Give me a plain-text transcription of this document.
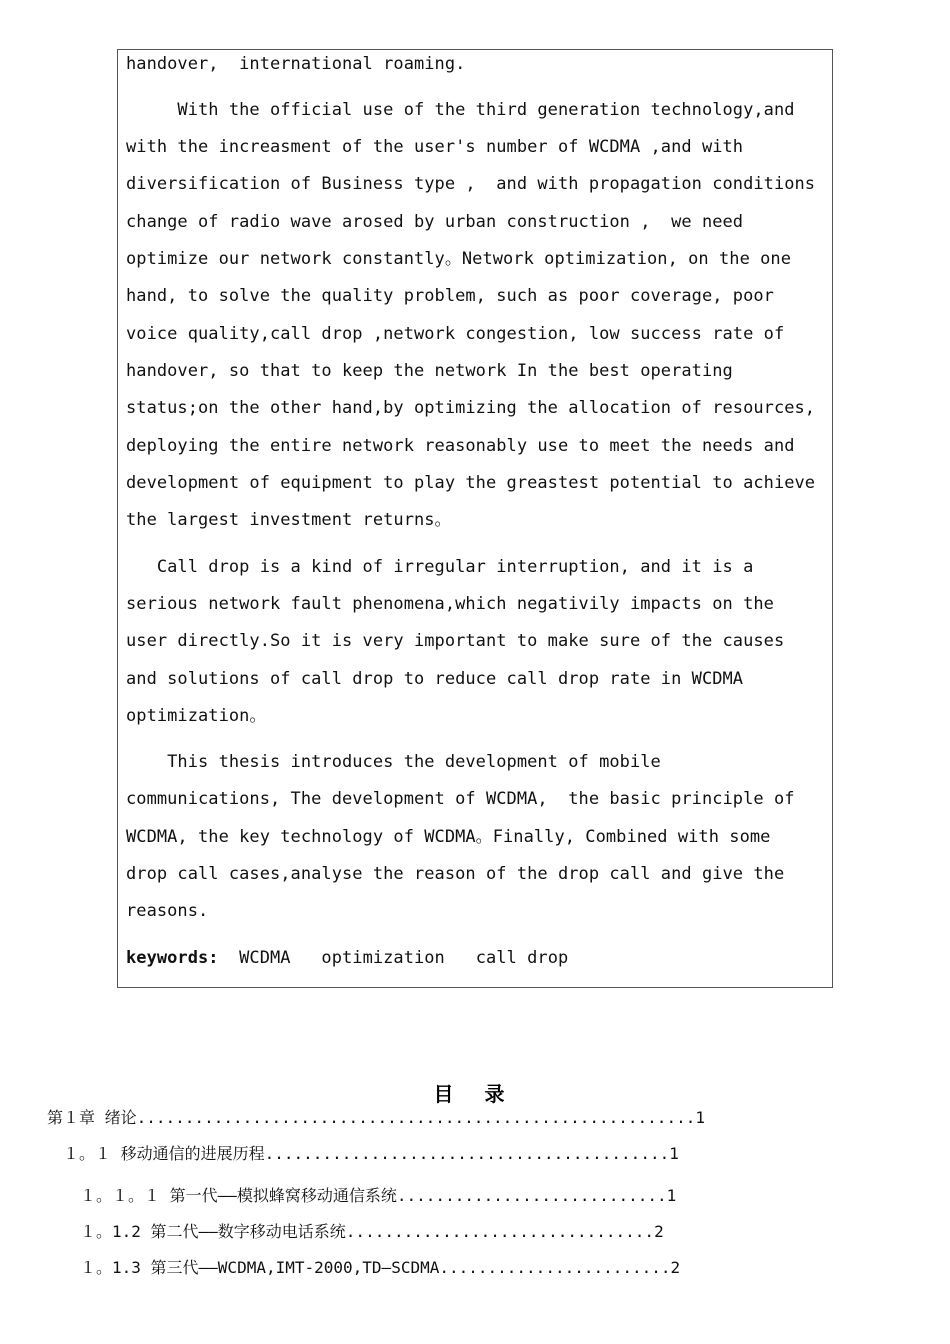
handover,  international roaming.
With the official use of the third generation technology,and
with the increasment of the user's number of WCDMA ,and with
diversification of Business type ,  and with propagation conditions
change of radio wave arosed by urban construction ,  we need
optimize our network constantly。Network optimization, on the one
hand, to solve the quality problem, such as poor coverage, poor
voice quality,call drop ,network congestion, low success rate of
handover, so that to keep the network In the best operating
status;on the other hand,by optimizing the allocation of resources,
deploying the entire network reasonably use to meet the needs and
development of equipment to play the greastest potential to achieve
the largest investment returns。
Call drop is a kind of irregular interruption, and it is a
serious network fault phenomena,which negativily impacts on the
user directly.So it is very important to make sure of the causes
and solutions of call drop to reduce call drop rate in WCDMA
optimization。
This thesis introduces the development of mobile
communications, The development of WCDMA,  the basic principle of
WCDMA, the key technology of WCDMA。Finally, Combined with some
drop call cases,analyse the reason of the drop call and give the
reasons.
keywords:  WCDMA   optimization   call drop
目 录
第１章 绪论..........................................................1
１。１ 移动通信的进展历程..........................................1
１。１。１ 第一代——模拟蜂窝移动通信系统............................1
１。1.2 第二代——数字移动电话系统................................2
１。1.3 第三代——WCDMA,IMT-2000,TD—SCDMA........................2
